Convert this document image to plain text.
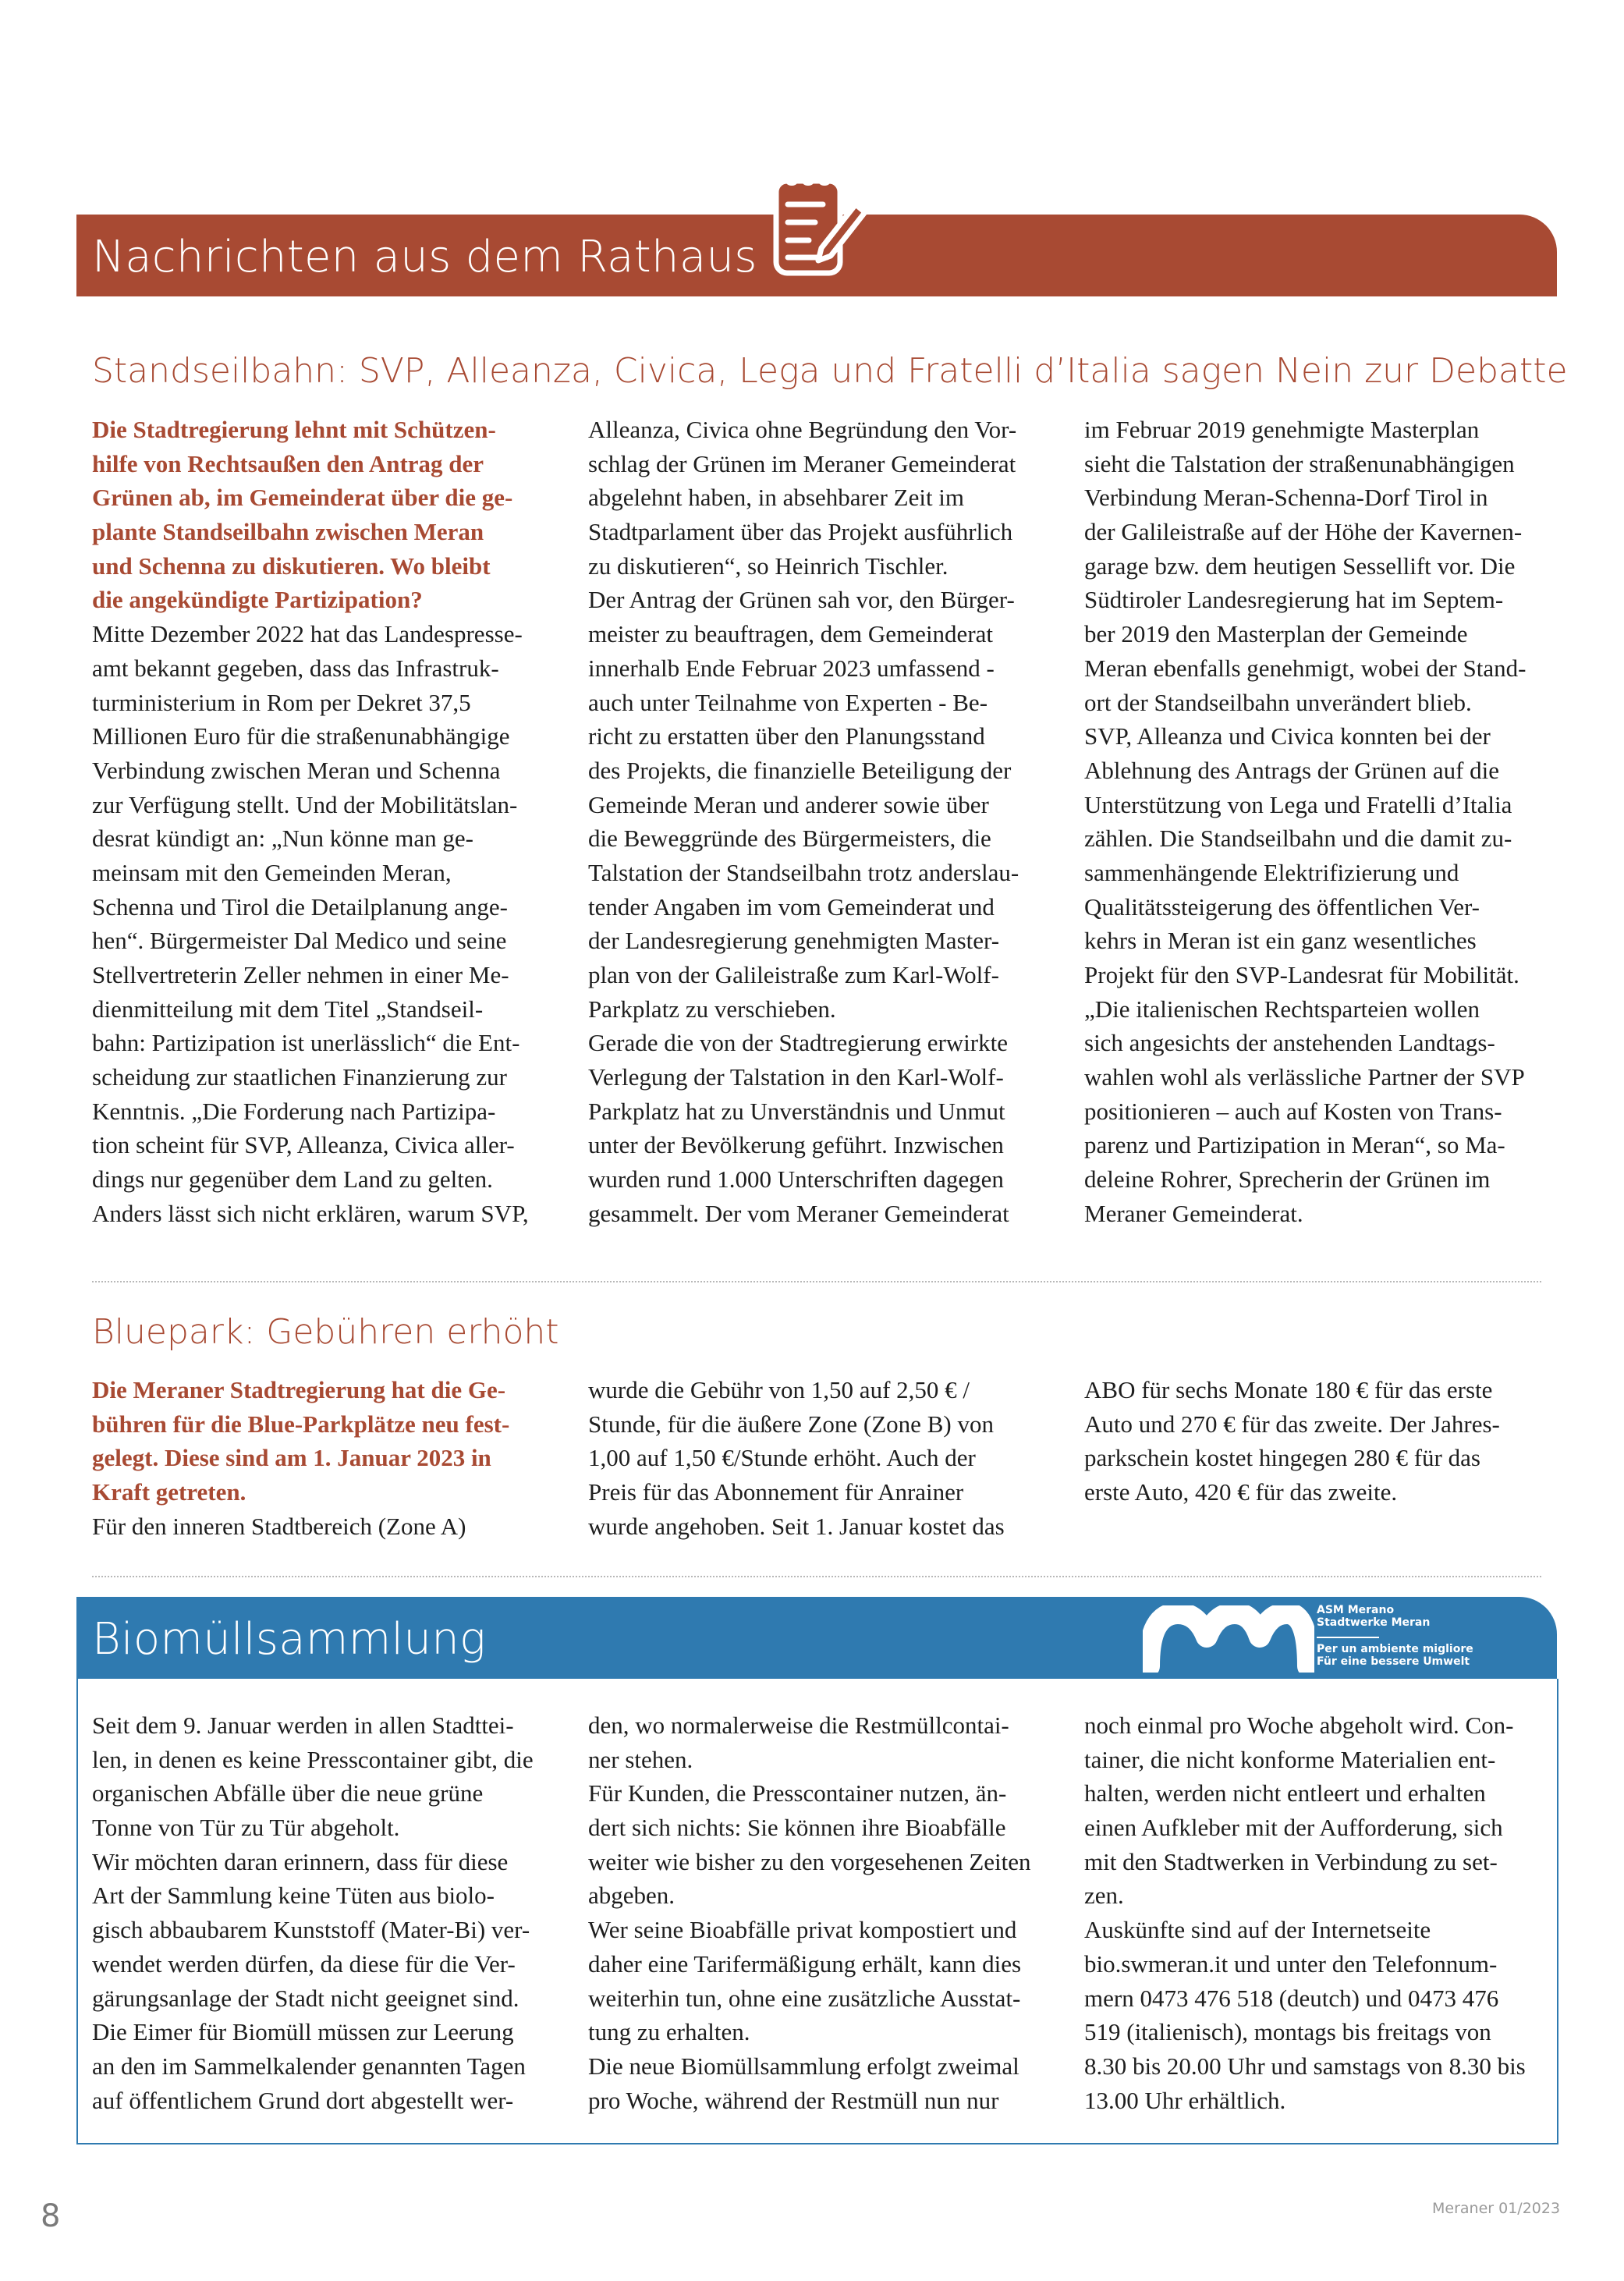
Nachrichten aus dem Rathaus
Standseilbahn: SVP, Alleanza, Civica, Lega und Fratelli d’Italia sagen Nein zur Debatte
Die Stadtregierung lehnt mit Schützen-
hilfe von Rechtsaußen den Antrag der
Grünen ab, im Gemeinderat über die ge-
plante Standseilbahn zwischen Meran
und Schenna zu diskutieren. Wo bleibt
die angekündigte Partizipation?
Mitte Dezember 2022 hat das Landespresse-
amt bekannt gegeben, dass das Infrastruk-
turministerium in Rom per Dekret 37,5
Millionen Euro für die straßenunabhängige
Verbindung zwischen Meran und Schenna
zur Verfügung stellt. Und der Mobilitätslan-
desrat kündigt an: „Nun könne man ge-
meinsam mit den Gemeinden Meran,
Schenna und Tirol die Detailplanung ange-
hen“. Bürgermeister Dal Medico und seine
Stellvertreterin Zeller nehmen in einer Me-
dienmitteilung mit dem Titel „Standseil-
bahn: Partizipation ist unerlässlich“ die Ent-
scheidung zur staatlichen Finanzierung zur
Kenntnis. „Die Forderung nach Partizipa-
tion scheint für SVP, Alleanza, Civica aller-
dings nur gegenüber dem Land zu gelten.
Anders lässt sich nicht erklären, warum SVP,
Alleanza, Civica ohne Begründung den Vor-
schlag der Grünen im Meraner Gemeinderat
abgelehnt haben, in absehbarer Zeit im
Stadtparlament über das Projekt ausführlich
zu diskutieren“, so Heinrich Tischler.
Der Antrag der Grünen sah vor, den Bürger-
meister zu beauftragen, dem Gemeinderat
innerhalb Ende Februar 2023 umfassend -
auch unter Teilnahme von Experten - Be-
richt zu erstatten über den Planungsstand
des Projekts, die finanzielle Beteiligung der
Gemeinde Meran und anderer sowie über
die Beweggründe des Bürgermeisters, die
Talstation der Standseilbahn trotz anderslau-
tender Angaben im vom Gemeinderat und
der Landesregierung genehmigten Master-
plan von der Galileistraße zum Karl-Wolf-
Parkplatz zu verschieben.
Gerade die von der Stadtregierung erwirkte
Verlegung der Talstation in den Karl-Wolf-
Parkplatz hat zu Unverständnis und Unmut
unter der Bevölkerung geführt. Inzwischen
wurden rund 1.000 Unterschriften dagegen
gesammelt. Der vom Meraner Gemeinderat
im Februar 2019 genehmigte Masterplan
sieht die Talstation der straßenunabhängigen
Verbindung Meran-Schenna-Dorf Tirol in
der Galileistraße auf der Höhe der Kavernen-
garage bzw. dem heutigen Sessellift vor. Die
Südtiroler Landesregierung hat im Septem-
ber 2019 den Masterplan der Gemeinde
Meran ebenfalls genehmigt, wobei der Stand-
ort der Standseilbahn unverändert blieb.
SVP, Alleanza und Civica konnten bei der
Ablehnung des Antrags der Grünen auf die
Unterstützung von Lega und Fratelli d’Italia
zählen. Die Standseilbahn und die damit zu-
sammenhängende Elektrifizierung und
Qualitätssteigerung des öffentlichen Ver-
kehrs in Meran ist ein ganz wesentliches
Projekt für den SVP-Landesrat für Mobilität.
„Die italienischen Rechtsparteien wollen
sich angesichts der anstehenden Landtags-
wahlen wohl als verlässliche Partner der SVP
positionieren – auch auf Kosten von Trans-
parenz und Partizipation in Meran“, so Ma-
deleine Rohrer, Sprecherin der Grünen im
Meraner Gemeinderat.
Bluepark: Gebühren erhöht
Die Meraner Stadtregierung hat die Ge-
bühren für die Blue-Parkplätze neu fest-
gelegt. Diese sind am 1. Januar 2023 in
Kraft getreten.
Für den inneren Stadtbereich (Zone A)
wurde die Gebühr von 1,50 auf 2,50 € /
Stunde, für die äußere Zone (Zone B) von
1,00 auf 1,50 €/Stunde erhöht. Auch der
Preis für das Abonnement für Anrainer
wurde angehoben. Seit 1. Januar kostet das
ABO für sechs Monate 180 € für das erste
Auto und 270 € für das zweite. Der Jahres-
parkschein kostet hingegen 280 € für das
erste Auto, 420 € für das zweite.
Biomüllsammlung
ASM Merano
Stadtwerke Meran
Per un ambiente migliore
Für eine bessere Umwelt
Seit dem 9. Januar werden in allen Stadttei-
len, in denen es keine Presscontainer gibt, die
organischen Abfälle über die neue grüne
Tonne von Tür zu Tür abgeholt.
Wir möchten daran erinnern, dass für diese
Art der Sammlung keine Tüten aus biolo-
gisch abbaubarem Kunststoff (Mater-Bi) ver-
wendet werden dürfen, da diese für die Ver-
gärungsanlage der Stadt nicht geeignet sind.
Die Eimer für Biomüll müssen zur Leerung
an den im Sammelkalender genannten Tagen
auf öffentlichem Grund dort abgestellt wer-
den, wo normalerweise die Restmüllcontai-
ner stehen.
Für Kunden, die Presscontainer nutzen, än-
dert sich nichts: Sie können ihre Bioabfälle
weiter wie bisher zu den vorgesehenen Zeiten
abgeben.
Wer seine Bioabfälle privat kompostiert und
daher eine Tarifermäßigung erhält, kann dies
weiterhin tun, ohne eine zusätzliche Ausstat-
tung zu erhalten.
Die neue Biomüllsammlung erfolgt zweimal
pro Woche, während der Restmüll nun nur
noch einmal pro Woche abgeholt wird. Con-
tainer, die nicht konforme Materialien ent-
halten, werden nicht entleert und erhalten
einen Aufkleber mit der Aufforderung, sich
mit den Stadtwerken in Verbindung zu set-
zen.
Auskünfte sind auf der Internetseite
bio.swmeran.it und unter den Telefonnum-
mern 0473 476 518 (deutch) und 0473 476
519 (italienisch), montags bis freitags von
8.30 bis 20.00 Uhr und samstags von 8.30 bis
13.00 Uhr erhältlich.
8	Meraner 01/2023
